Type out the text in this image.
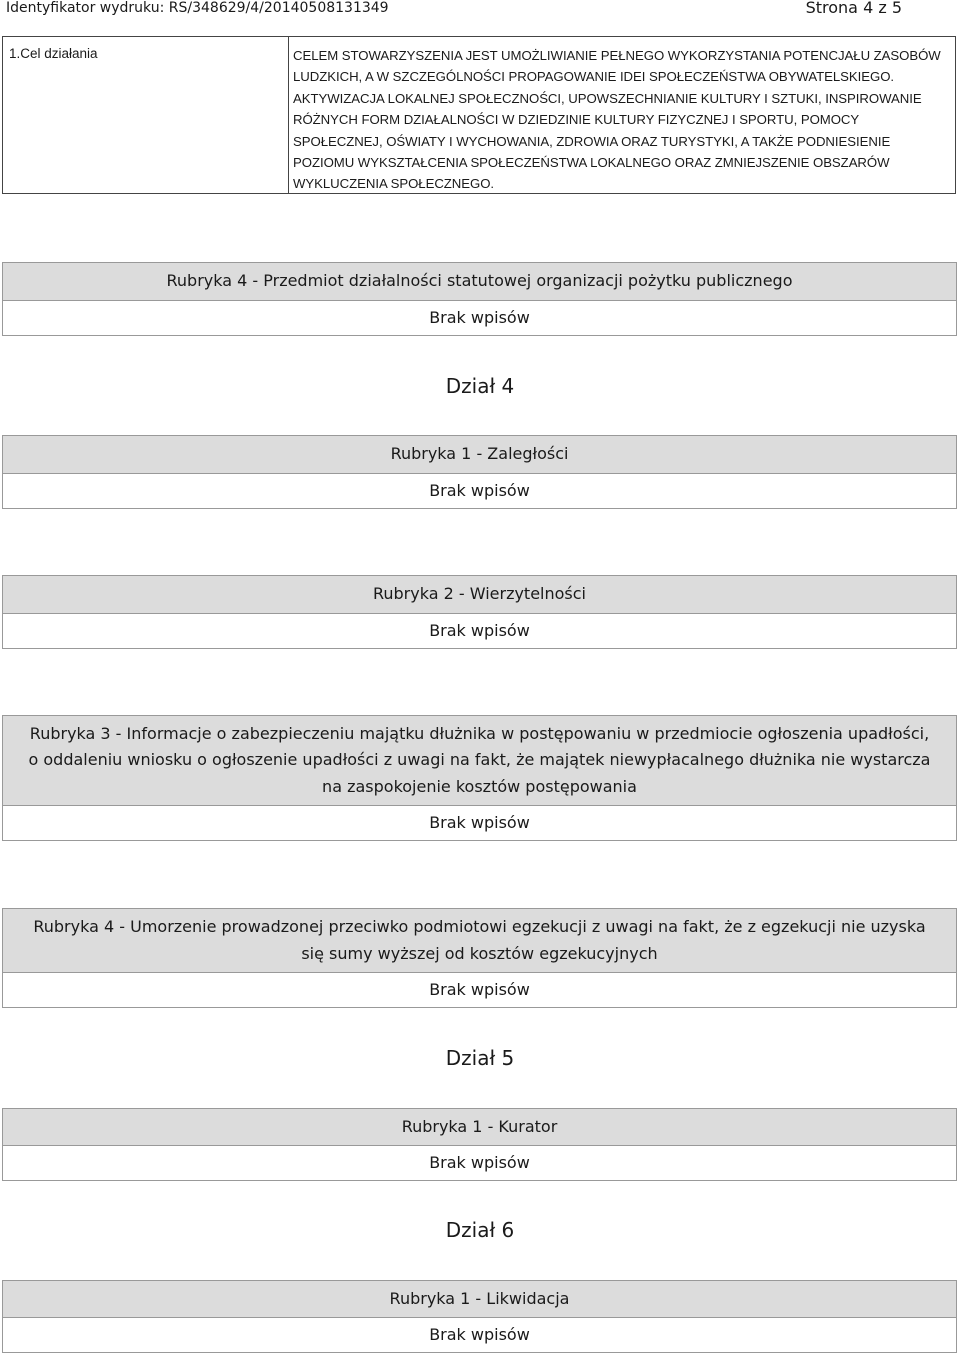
Identyfikator wydruku: RS/348629/4/20140508131349	Strona 4 z 5
1.Cel działania	CELEM STOWARZYSZENIA JEST UMOŻLIWIANIE PEŁNEGO WYKORZYSTANIA POTENCJAŁU ZASOBÓW
LUDZKICH, A W SZCZEGÓLNOŚCI PROPAGOWANIE IDEI SPOŁECZEŃSTWA OBYWATELSKIEGO.
AKTYWIZACJA LOKALNEJ SPOŁECZNOŚCI, UPOWSZECHNIANIE KULTURY I SZTUKI, INSPIROWANIE
RÓŻNYCH FORM DZIAŁALNOŚCI W DZIEDZINIE KULTURY FIZYCZNEJ I SPORTU, POMOCY
SPOŁECZNEJ, OŚWIATY I WYCHOWANIA, ZDROWIA ORAZ TURYSTYKI, A TAKŻE PODNIESIENIE
POZIOMU WYKSZTAŁCENIA SPOŁECZEŃSTWA LOKALNEGO ORAZ ZMNIEJSZENIE OBSZARÓW
WYKLUCZENIA SPOŁECZNEGO.
Rubryka 4 - Przedmiot działalności statutowej organizacji pożytku publicznego
Brak wpisów
Dział 4
Rubryka 1 - Zaległości
Brak wpisów
Rubryka 2 - Wierzytelności
Brak wpisów
Rubryka 3 - Informacje o zabezpieczeniu majątku dłużnika w postępowaniu w przedmiocie ogłoszenia upadłości, o oddaleniu wniosku o ogłoszenie upadłości z uwagi na fakt, że majątek niewypłacalnego dłużnika nie wystarcza na zaspokojenie kosztów postępowania
Brak wpisów
Rubryka 4 - Umorzenie prowadzonej przeciwko podmiotowi egzekucji z uwagi na fakt, że z egzekucji nie uzyska się sumy wyższej od kosztów egzekucyjnych
Brak wpisów
Dział 5
Rubryka 1 - Kurator
Brak wpisów
Dział 6
Rubryka 1 - Likwidacja
Brak wpisów
